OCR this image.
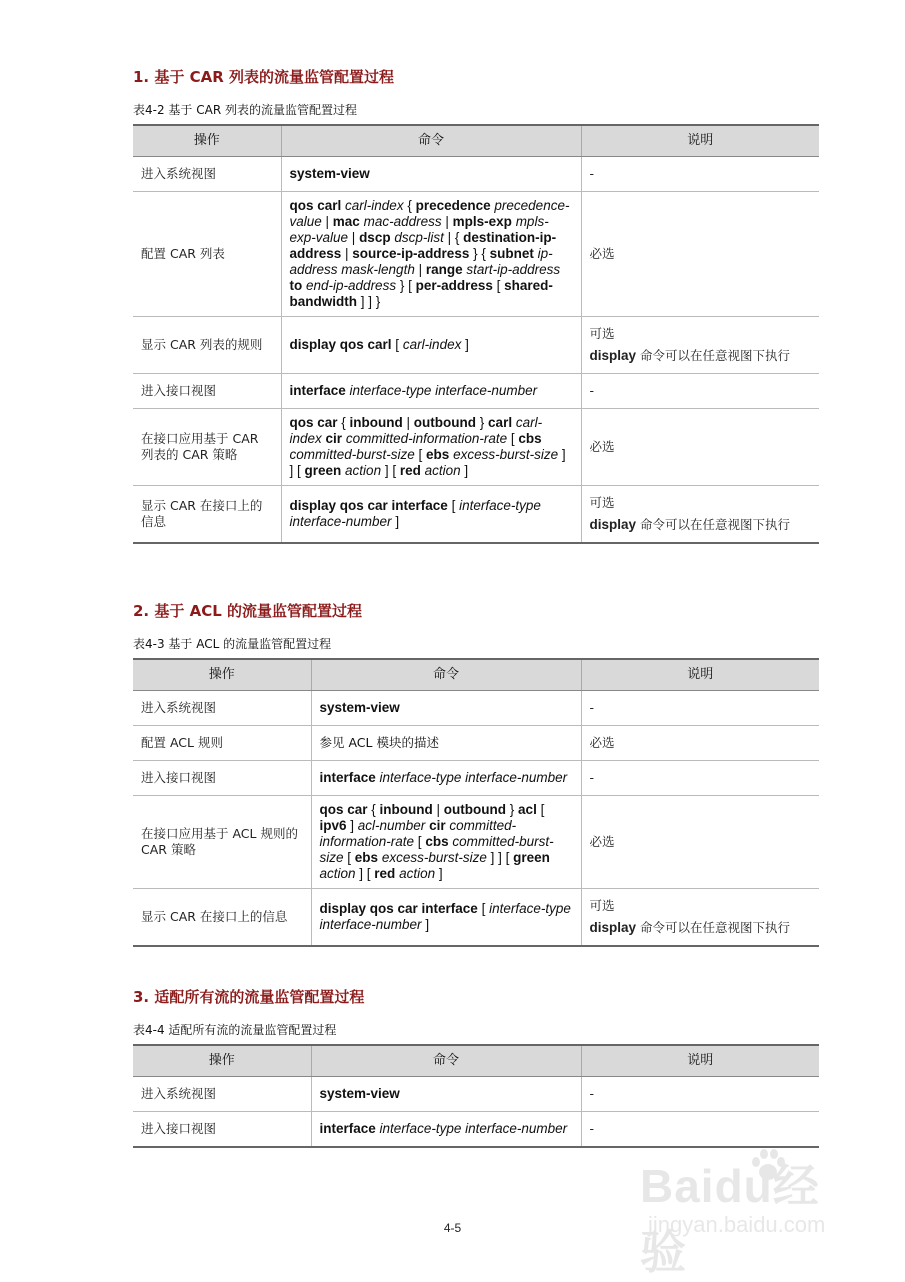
1. 基于 CAR 列表的流量监管配置过程
表4-2 基于 CAR 列表的流量监管配置过程
操作	命令	说明
进入系统视图	system-view	-

配置 CAR 列表	qos carl carl-index { precedence precedence-value | mac mac-address | mpls-exp mpls-exp-value | dscp dscp-list | { destination-ip-address | source-ip-address } { subnet ip-address mask-length | range start-ip-address to end-ip-address } [ per-address [ shared-bandwidth ] ] }	必选

显示 CAR 列表的规则	display qos carl [ carl-index ]	可选
display 命令可以在任意视图下执行

进入接口视图	interface interface-type interface-number	-

在接口应用基于 CAR 列表的 CAR 策略	qos car { inbound | outbound } carl carl-index cir committed-information-rate [ cbs committed-burst-size [ ebs excess-burst-size ] ] [ green action ] [ red action ]	必选

显示 CAR 在接口上的信息	display qos car interface [ interface-type interface-number ]	可选
display 命令可以在任意视图下执行
2. 基于 ACL 的流量监管配置过程
表4-3 基于 ACL 的流量监管配置过程
操作	命令	说明
进入系统视图	system-view	-

配置 ACL 规则	参见 ACL 模块的描述	必选

进入接口视图	interface interface-type interface-number	-

在接口应用基于 ACL 规则的 CAR 策略	qos car { inbound | outbound } acl [ ipv6 ] acl-number cir committed-information-rate [ cbs committed-burst-size [ ebs excess-burst-size ] ] [ green action ] [ red action ]	必选

显示 CAR 在接口上的信息	display qos car interface [ interface-type interface-number ]	可选
display 命令可以在任意视图下执行
3. 适配所有流的流量监管配置过程
表4-4 适配所有流的流量监管配置过程
操作	命令	说明
进入系统视图	system-view	-

进入接口视图	interface interface-type interface-number	-
4-5
Baidu经验
jingyan.baidu.com
